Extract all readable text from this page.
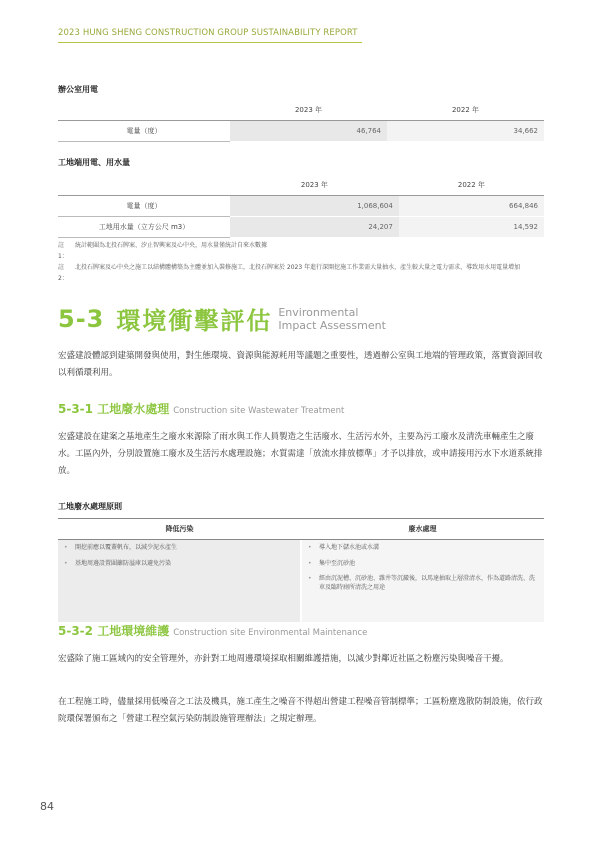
2023 HUNG SHENG CONSTRUCTION GROUP SUSTAINABILITY REPORT
辦公室用電
	2023 年	2022 年
電量（度）	46,764	34,662
工地端用電、用水量
	2023 年	2022 年
電量（度）	1,068,604	664,846
工地用水量（立方公尺 m3）	24,207	14,592
註 1：
統計範圍為北投石牌案、汐止智興案及心中央，用水量僅統計自來水數據
註 2：
北投石牌案及心中央之施工以結構體構築為主體並加入裝修施工，北投石牌案於 2023 年進行深開挖施工作業需大量抽水，產生較大量之電力需求，導致用水用電量增加
5-3 環境衝擊評估 Environmental
Impact Assessment
宏盛建設體認到建築開發與使用，對生態環境、資源與能源耗用等議題之重要性，透過辦公室與工地端的管理政策，落實資源回收以利循環利用。
5-3-1 工地廢水處理 Construction site Wastewater Treatment
宏盛建設在建案之基地產生之廢水來源除了雨水與工作人員製造之生活廢水、生活污水外，主要為污工廢水及清洗車輛產生之廢水。工區內外，分別設置施工廢水及生活污水處理設施；水質需達「放流水排放標準」才予以排放，或申請接用污水下水道系統排放。
工地廢水處理原則
降低污染	廢水處理
•	開挖前應以覆蓋帆布，以減少泥水產生
•	基地周邊設置圍籬防溢庫以避免污染
•	導入地下儲水池或水溝
•	集中至沉砂池
•	經由沉泥槽、沉砂池、雜井等沉澱後，以馬達抽取上層澄清水，作為道路清洗、洗車及臨時廁所清洗之用途
5-3-2 工地環境維護 Construction site Environmental Maintenance
宏盛除了施工區域內的安全管理外，亦針對工地周邊環境採取相關維護措施，以減少對鄰近社區之粉塵污染與噪音干擾。
在工程施工時，儘量採用低噪音之工法及機具，施工產生之噪音不得超出營建工程噪音管制標準；工區粉塵逸散防制設施，依行政院環保署頒布之「營建工程空氣污染防制設施管理辦法」之規定辦理。
84
